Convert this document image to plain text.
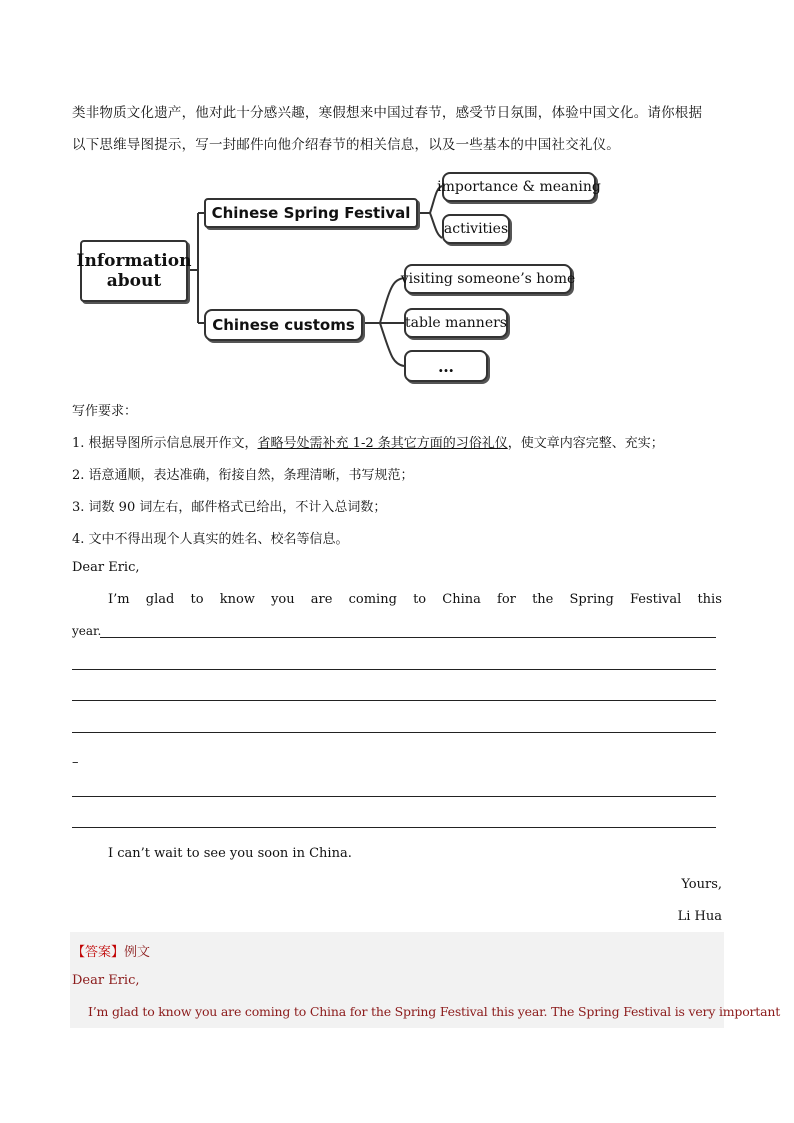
类非物质文化遗产，他对此十分感兴趣，寒假想来中国过春节，感受节日氛围，体验中国文化。请你根据
以下思维导图提示，写一封邮件向他介绍春节的相关信息，以及一些基本的中国社交礼仪。
Information about
Chinese Spring Festival
importance & meaning
activities
Chinese customs
visiting someone’s home
table manners
…
写作要求：
1. 根据导图所示信息展开作文，省略号处需补充 1-2 条其它方面的习俗礼仪，使文章内容完整、充实；
2. 语意通顺，表达准确，衔接自然，条理清晰，书写规范；
3. 词数 90 词左右，邮件格式已给出，不计入总词数；
4. 文中不得出现个人真实的姓名、校名等信息。
Dear Eric,
I’m glad to know you are coming to China for the Spring Festival this
year.
–
I can’t wait to see you soon in China.
Yours,
Li Hua
【答案】例文
Dear Eric,
I’m glad to know you are coming to China for the Spring Festival this year. The Spring Festival is very important
